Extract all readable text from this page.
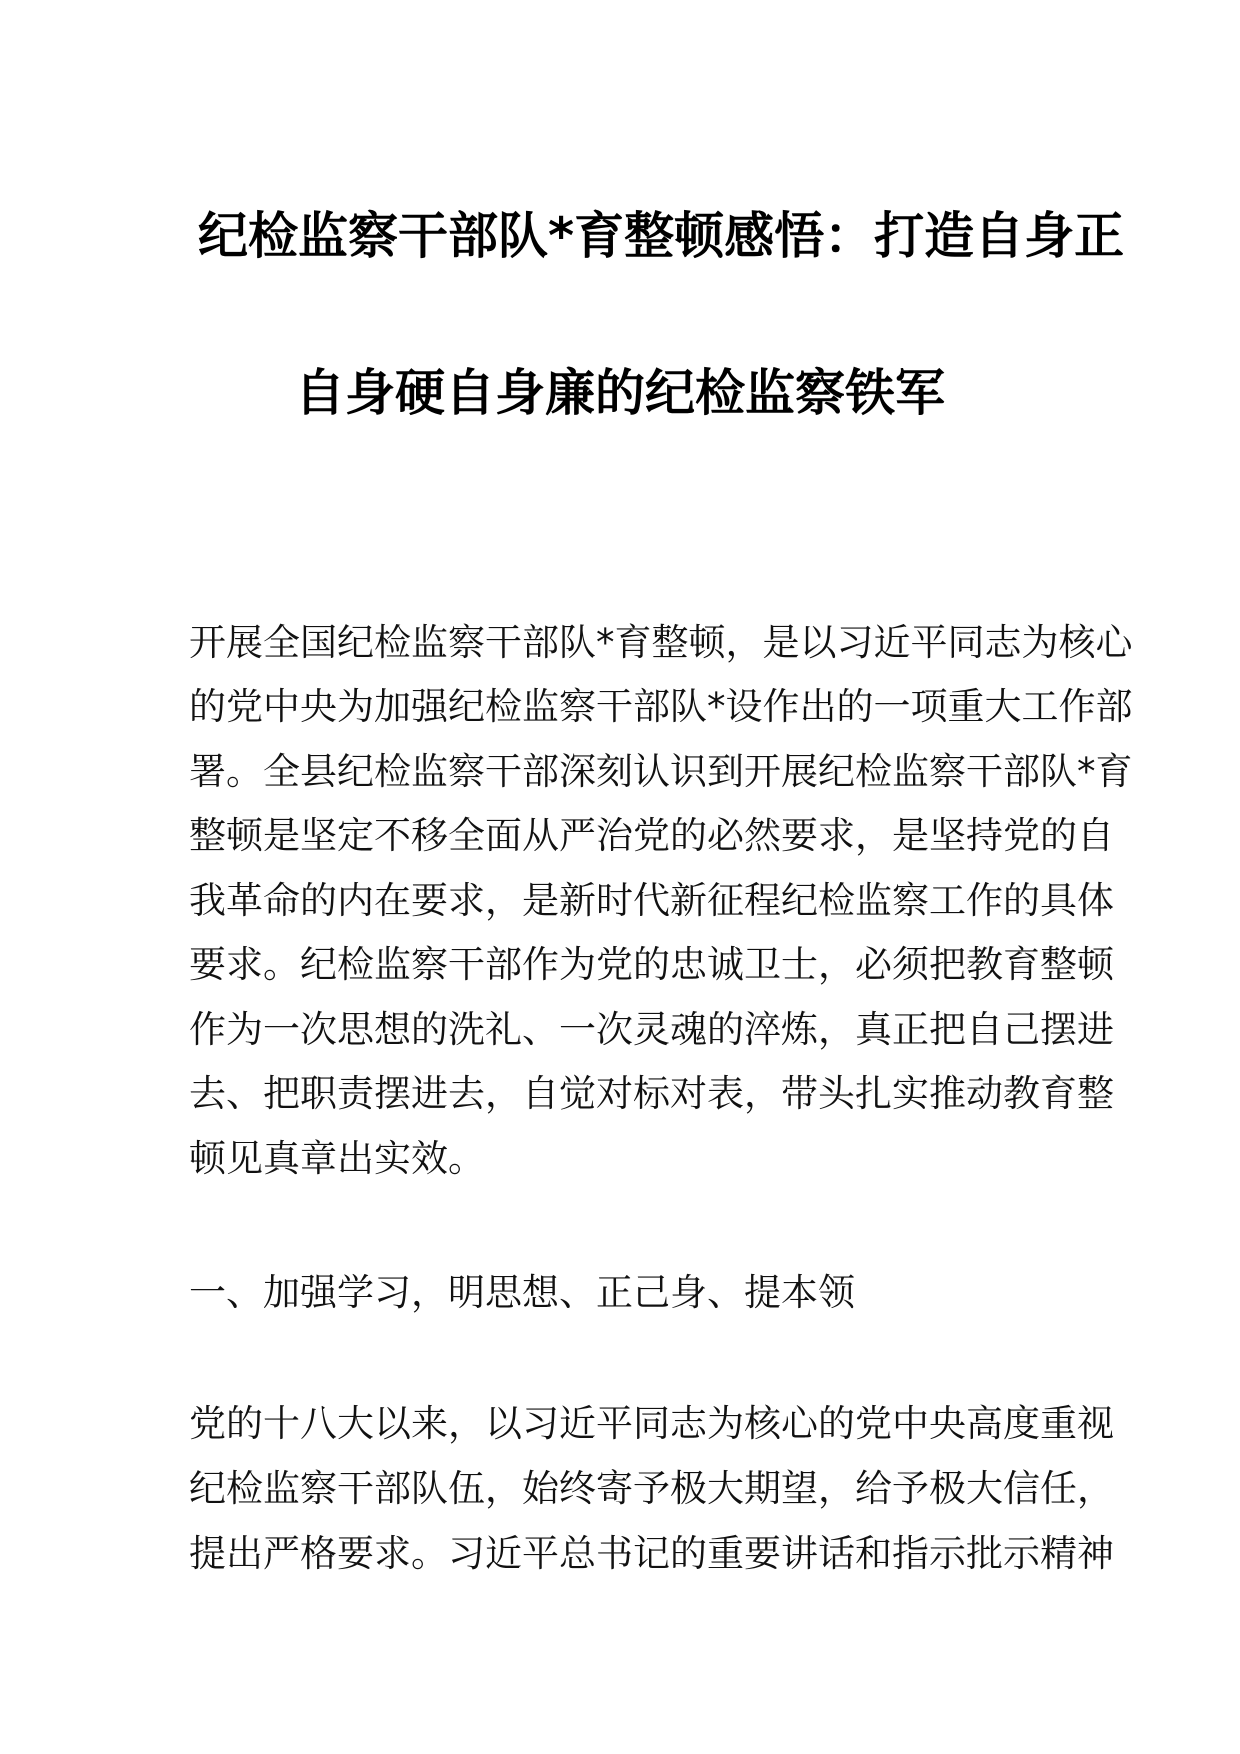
纪检监察干部队*育整顿感悟：打造自身正
自身硬自身廉的纪检监察铁军
开展全国纪检监察干部队*育整顿，是以习近平同志为核心
的党中央为加强纪检监察干部队*设作出的一项重大工作部
署。全县纪检监察干部深刻认识到开展纪检监察干部队*育
整顿是坚定不移全面从严治党的必然要求，是坚持党的自
我革命的内在要求，是新时代新征程纪检监察工作的具体
要求。纪检监察干部作为党的忠诚卫士，必须把教育整顿
作为一次思想的洗礼、一次灵魂的淬炼，真正把自己摆进
去、把职责摆进去，自觉对标对表，带头扎实推动教育整
顿见真章出实效。
一、加强学习，明思想、正己身、提本领
党的十八大以来，以习近平同志为核心的党中央高度重视
纪检监察干部队伍，始终寄予极大期望，给予极大信任，
提出严格要求。习近平总书记的重要讲话和指示批示精神
